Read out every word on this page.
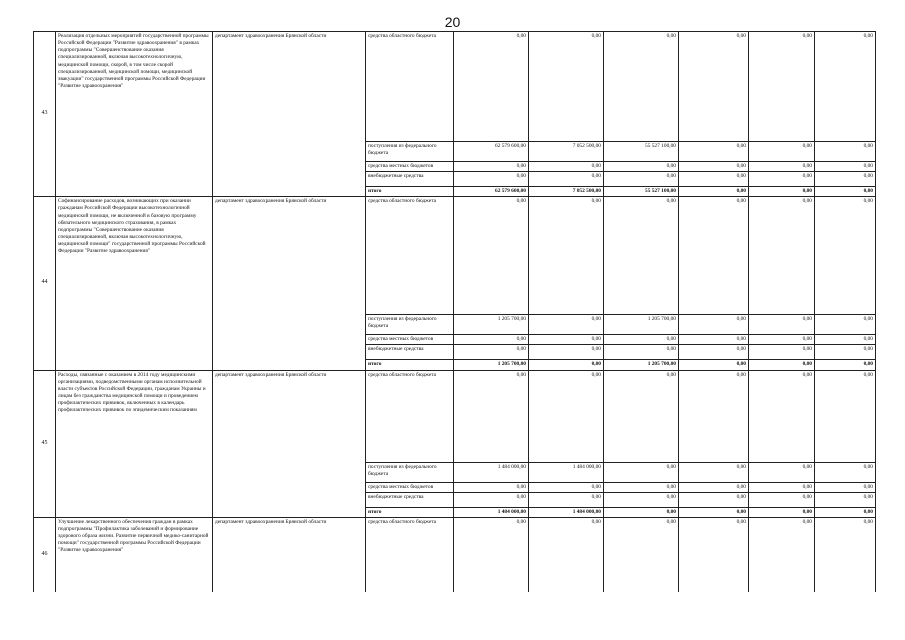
20
43	Реализация отдельных мероприятий государственной программы Российской Федерации "Развитие здравоохранения" в рамках подпрограммы "Совершенствование оказания специализированной, включая высокотехнологичную, медицинской помощи, скорой, в том числе скорой специализированной, медицинской помощи, медицинской эвакуации" государственной программы Российской Федерации "Развитие здравоохранения"	департамент здравоохранения Брянской области	средства областного бюджета	0,00	0,00	0,00	0,00	0,00	0,00
			поступления из федерального бюджета	62 579 600,00	7 052 500,00	55 527 100,00	0,00	0,00	0,00
			средства местных бюджетов	0,00	0,00	0,00	0,00	0,00	0,00
			внебюджетные средства	0,00	0,00	0,00	0,00	0,00	0,00
			итого	62 579 600,00	7 052 500,00	55 527 100,00	0,00	0,00	0,00
44	Софинансирование расходов, возникающих при оказании гражданам Российской Федерации высокотехнологичной медицинской помощи, не включенной в базовую программу обязательного медицинского страхования, в рамках подпрограммы "Совершенствование оказания специализированной, включая высокотехнологичную, медицинской помощи" государственной программы Российской Федерации "Развитие здравоохранения"	департамент здравоохранения Брянской области	средства областного бюджета	0,00	0,00	0,00	0,00	0,00	0,00
			поступления из федерального бюджета	1 205 700,00	0,00	1 205 700,00	0,00	0,00	0,00
			средства местных бюджетов	0,00	0,00	0,00	0,00	0,00	0,00
			внебюджетные средства	0,00	0,00	0,00	0,00	0,00	0,00
			итого	1 205 700,00	0,00	1 205 700,00	0,00	0,00	0,00
45	Расходы, связанные с оказанием в 2014 году медицинскими организациями, подведомственными органам исполнительной власти субъектов Российской Федерации, гражданам Украины и лицам без гражданства медицинской помощи и проведением профилактических прививок, включенных в календарь профилактических прививок по эпидемическим показаниям	департамент здравоохранения Брянской области	средства областного бюджета	0,00	0,00	0,00	0,00	0,00	0,00
			поступления из федерального бюджета	1 484 000,00	1 484 000,00	0,00	0,00	0,00	0,00
			средства местных бюджетов	0,00	0,00	0,00	0,00	0,00	0,00
			внебюджетные средства	0,00	0,00	0,00	0,00	0,00	0,00
			итого	1 484 000,00	1 484 000,00	0,00	0,00	0,00	0,00
46	Улучшение лекарственного обеспечения граждан в рамках подпрограммы "Профилактика заболеваний и формирование здорового образа жизни. Развитие первичной медико-санитарной помощи" государственной программы Российской Федерации "Развитие здравоохранения"	департамент здравоохранения Брянской области	средства областного бюджета	0,00	0,00	0,00	0,00	0,00	0,00
